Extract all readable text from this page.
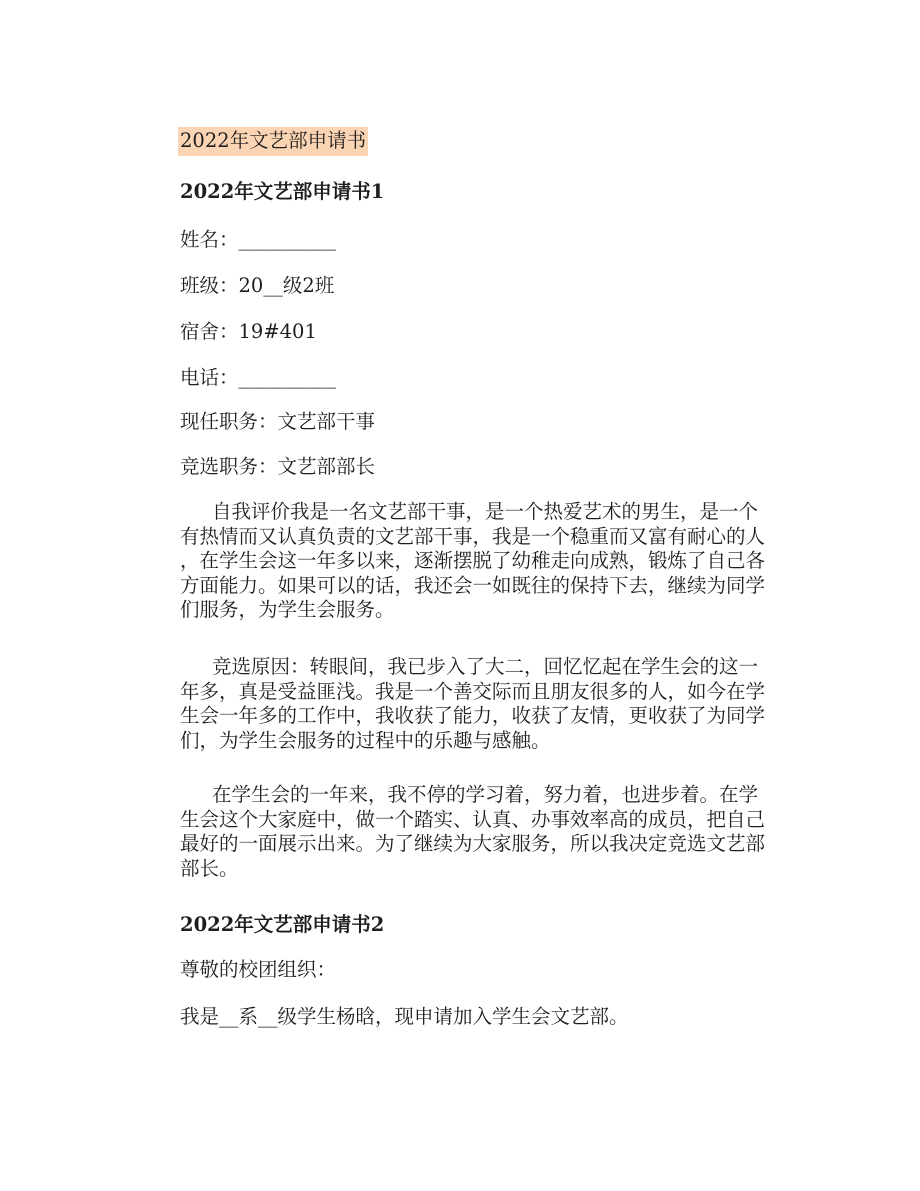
2022年文艺部申请书
2022年文艺部申请书1
姓名：__________
班级：20__级2班
宿舍：19#401
电话：__________
现任职务：文艺部干事
竞选职务：文艺部部长
自我评价我是一名文艺部干事，是一个热爱艺术的男生，是一个
有热情而又认真负责的文艺部干事，我是一个稳重而又富有耐心的人
，在学生会这一年多以来，逐渐摆脱了幼稚走向成熟，锻炼了自己各
方面能力。如果可以的话，我还会一如既往的保持下去，继续为同学
们服务，为学生会服务。
竞选原因：转眼间，我已步入了大二，回忆忆起在学生会的这一
年多，真是受益匪浅。我是一个善交际而且朋友很多的人，如今在学
生会一年多的工作中，我收获了能力，收获了友情，更收获了为同学
们，为学生会服务的过程中的乐趣与感触。
在学生会的一年来，我不停的学习着，努力着，也进步着。在学
生会这个大家庭中，做一个踏实、认真、办事效率高的成员，把自己
最好的一面展示出来。为了继续为大家服务，所以我决定竞选文艺部
部长。
2022年文艺部申请书2
尊敬的校团组织：
我是__系__级学生杨晗，现申请加入学生会文艺部。
